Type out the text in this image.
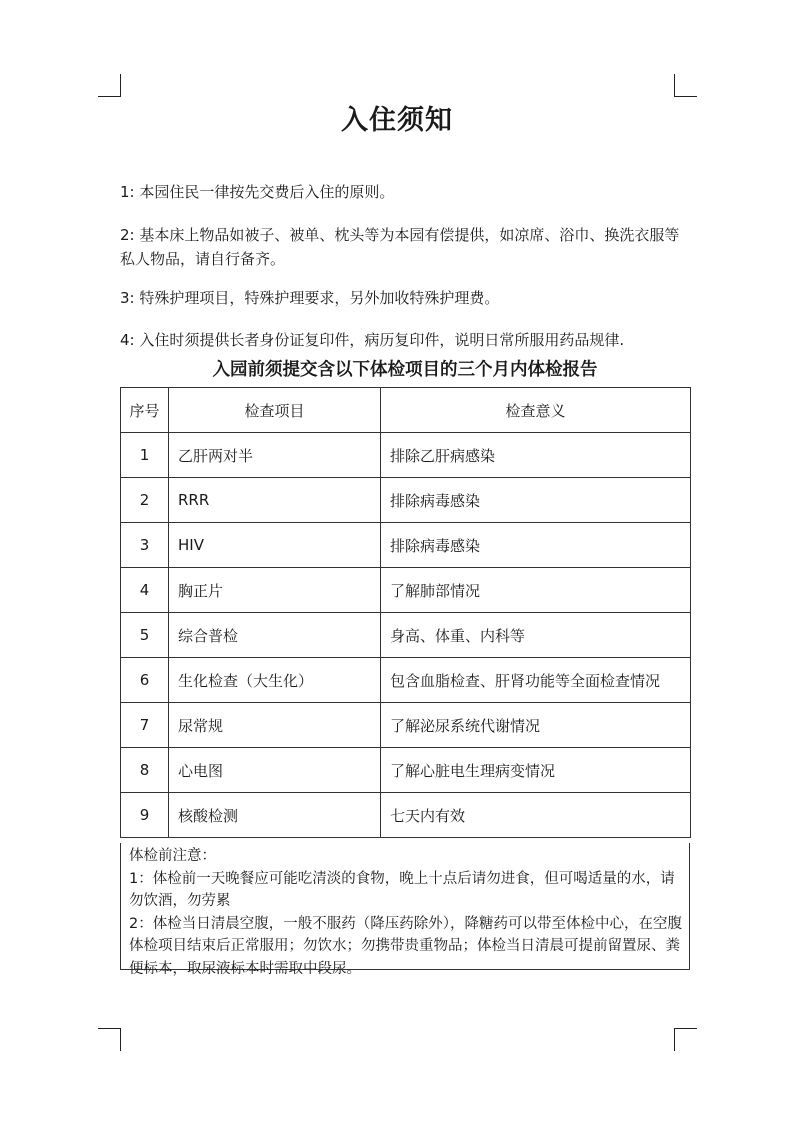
入住须知
1: 本园住民一律按先交费后入住的原则。
2: 基本床上物品如被子、被单、枕头等为本园有偿提供，如凉席、浴巾、换洗衣服等私人物品，请自行备齐。
3: 特殊护理项目，特殊护理要求，另外加收特殊护理费。
4: 入住时须提供长者身份证复印件，病历复印件，说明日常所服用药品规律.
入园前须提交含以下体检项目的三个月内体检报告
序号	检查项目	检查意义
1	乙肝两对半	排除乙肝病感染
2	RRR	排除病毒感染
3	HIV	排除病毒感染
4	胸正片	了解肺部情况
5	综合普检	身高、体重、内科等
6	生化检查（大生化）	包含血脂检查、肝肾功能等全面检查情况
7	尿常规	了解泌尿系统代谢情况
8	心电图	了解心脏电生理病变情况
9	核酸检测	七天内有效
体检前注意：
1：体检前一天晚餐应可能吃清淡的食物，晚上十点后请勿进食，但可喝适量的水，请勿饮酒，勿劳累
2：体检当日清晨空腹，一般不服药（降压药除外），降糖药可以带至体检中心，在空腹体检项目结束后正常服用；勿饮水；勿携带贵重物品；体检当日清晨可提前留置尿、粪便标本，取尿液标本时需取中段尿。
